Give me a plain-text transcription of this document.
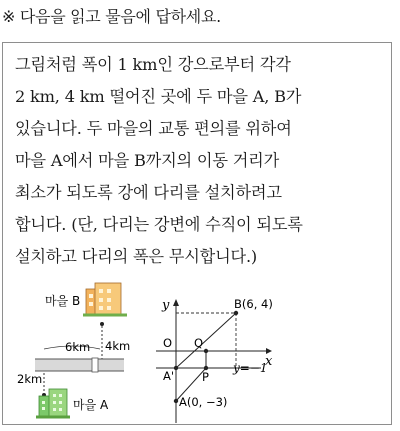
※ 다음을 읽고 물음에 답하세요.
그림처럼 폭이 1 km인 강으로부터 각각
2 km, 4 km 떨어진 곳에 두 마을 A, B가
있습니다. 두 마을의 교통 편의를 위하여
마을 A에서 마을 B까지의 이동 거리가
최소가 되도록 강에 다리를 설치하려고
합니다. (단, 다리는 강변에 수직이 되도록
설치하고 다리의 폭은 무시합니다.)
마을 B
4km
6km
2km
마을 A
y
x
O
B(6, 4)
Q
A' P
A(0, −3)
y=−1
